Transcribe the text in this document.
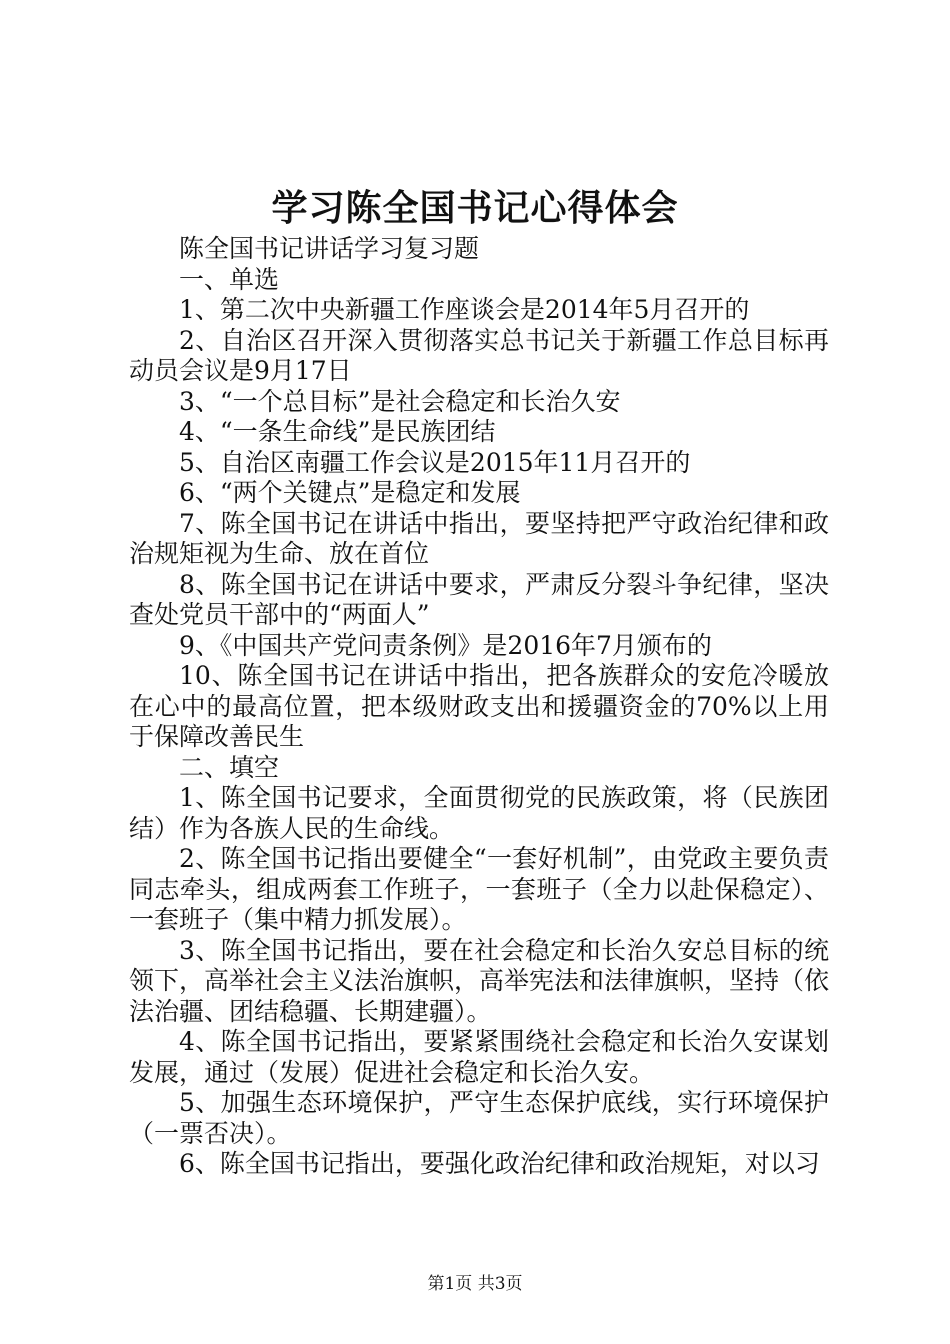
学习陈全国书记心得体会

陈全国书记讲话学习复习题

一、单选

1、第二次中央新疆工作座谈会是2014年5月召开的

2、自治区召开深入贯彻落实总书记关于新疆工作总目标再动员会议是9月17日

3、“一个总目标”是社会稳定和长治久安

4、“一条生命线”是民族团结

5、自治区南疆工作会议是2015年11月召开的

6、“两个关键点”是稳定和发展

7、陈全国书记在讲话中指出，要坚持把严守政治纪律和政治规矩视为生命、放在首位

8、陈全国书记在讲话中要求，严肃反分裂斗争纪律，坚决查处党员干部中的“两面人”

9、《中国共产党问责条例》是2016年7月颁布的

10、陈全国书记在讲话中指出，把各族群众的安危冷暖放在心中的最高位置，把本级财政支出和援疆资金的70%以上用于保障改善民生

二、填空

1、陈全国书记要求，全面贯彻党的民族政策，将（民族团结）作为各族人民的生命线。

2、陈全国书记指出要健全“一套好机制”，由党政主要负责同志牵头，组成两套工作班子，一套班子（全力以赴保稳定）、一套班子（集中精力抓发展）。

3、陈全国书记指出，要在社会稳定和长治久安总目标的统领下，高举社会主义法治旗帜，高举宪法和法律旗帜，坚持（依法治疆、团结稳疆、长期建疆）。

4、陈全国书记指出，要紧紧围绕社会稳定和长治久安谋划发展，通过（发展）促进社会稳定和长治久安。

5、加强生态环境保护，严守生态保护底线，实行环境保护（一票否决）。

6、陈全国书记指出，要强化政治纪律和政治规矩，对以习

第1页 共3页
